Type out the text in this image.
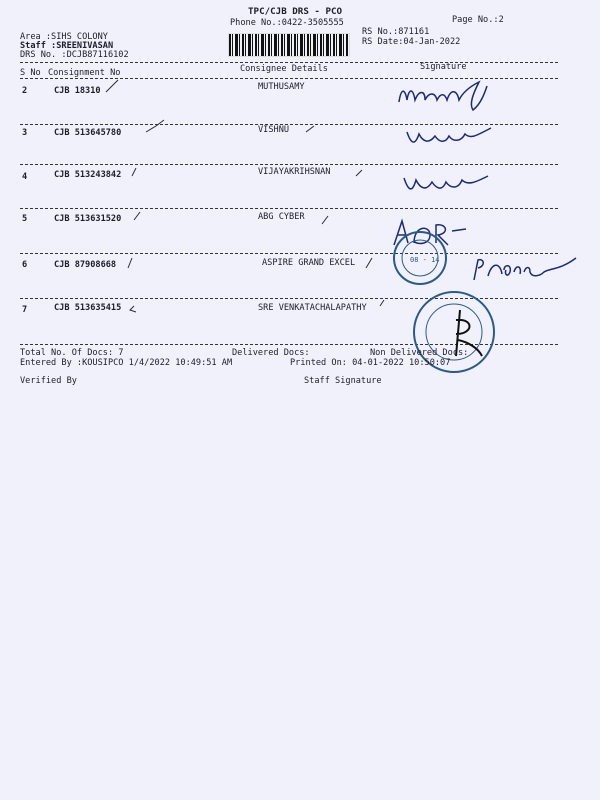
TPC/CJB DRS - PCO
Phone No.:0422-3505555	Page No.:2
RS No.:871161
RS Date:04-Jan-2022
Area :SIHS COLONY
Staff :SREENIVASAN
DRS No. :DCJB87116102
S No Consignment No	Consignee Details	Signature
2	CJB 18310	MUTHUSAMY
3	CJB 513645780	VISHNU
4	CJB 513243842	VIJAYAKRIHSNAN
5	CJB 513631520	ABG CYBER
6	CJB 87908668	ASPIRE GRAND EXCEL
7	CJB 513635415	SRE VENKATACHALAPATHY
08 - 14
Total No. Of Docs: 7	Delivered Docs:	Non Delivered Docs:
Entered By :KOUSIPCO 1/4/2022 10:49:51 AM	Printed On: 04-01-2022 10:50:07
Verified By	Staff Signature
